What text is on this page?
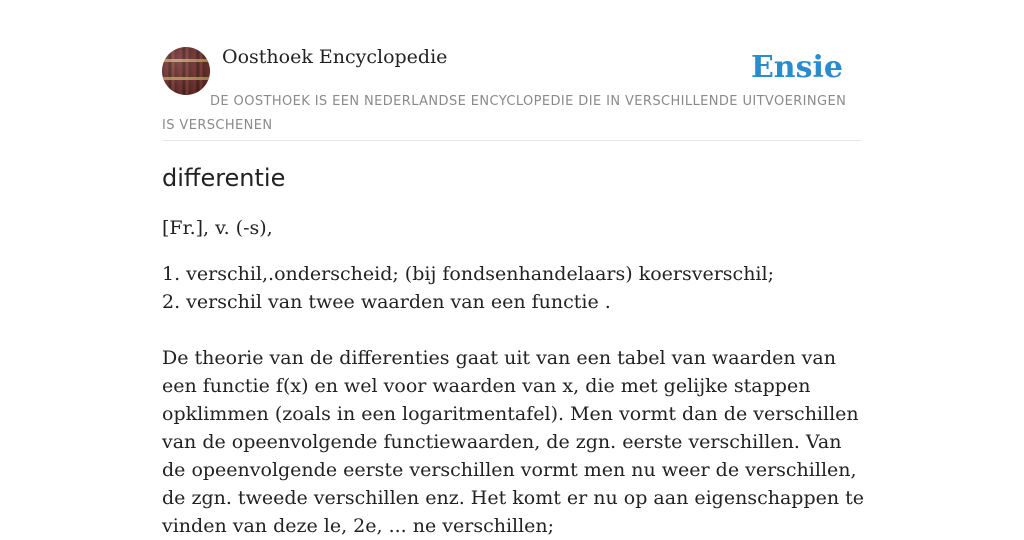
Oosthoek Encyclopedie	Ensie
DE OOSTHOEK IS EEN NEDERLANDSE ENCYCLOPEDIE DIE IN VERSCHILLENDE UITVOERINGEN IS VERSCHENEN
differentie

[Fr.], v. (-s),

1. verschil,.onderscheid; (bij fondsenhandelaars) koersverschil;

2. verschil van twee waarden van een functie .

De theorie van de differenties gaat uit van een tabel van waarden van een functie f(x) en wel voor waarden van x, die met gelijke stappen opklimmen (zoals in een logaritmentafel). Men vormt dan de verschillen van de opeenvolgende functiewaarden, de zgn. eerste verschillen. Van de opeenvolgende eerste verschillen vormt men nu weer de verschillen, de zgn. tweede verschillen enz. Het komt er nu op aan eigenschappen te vinden van deze le, 2e, ... ne verschillen;
